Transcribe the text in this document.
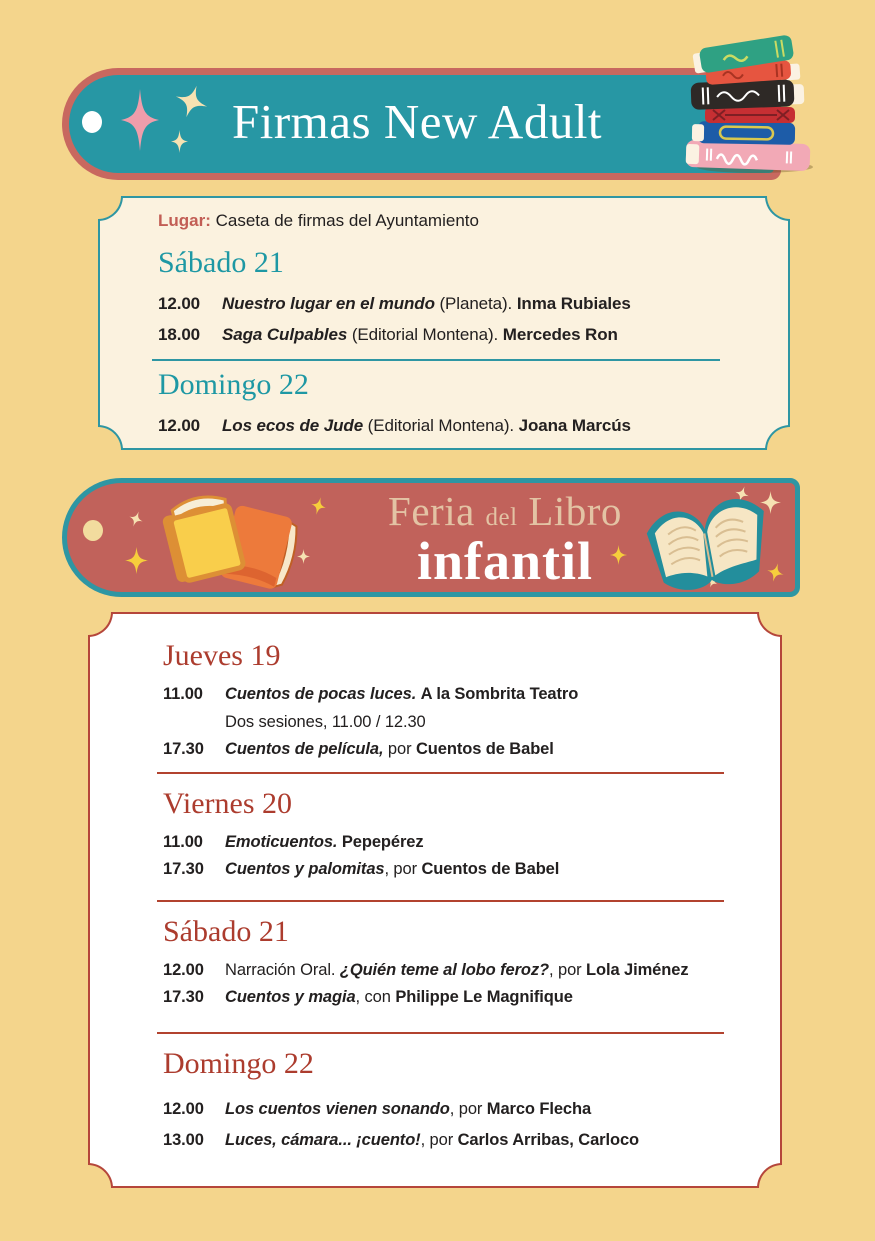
Firmas New Adult

Lugar: Caseta de firmas del Ayuntamiento

Sábado 21
12.00	Nuestro lugar en el mundo (Planeta). Inma Rubiales
18.00	Saga Culpables (Editorial Montena). Mercedes Ron
Domingo 22
12.00	Los ecos de Jude (Editorial Montena). Joana Marcús
Feria del Libro
infantil
Jueves 19
11.00	Cuentos de pocas luces. A la Sombrita Teatro
Dos sesiones, 11.00 / 12.30
17.30	Cuentos de película, por Cuentos de Babel
Viernes 20
11.00	Emoticuentos. Pepepérez
17.30	Cuentos y palomitas, por Cuentos de Babel
Sábado 21
12.00	Narración Oral. ¿Quién teme al lobo feroz?, por Lola Jiménez
17.30	Cuentos y magia, con Philippe Le Magnifique
Domingo 22
12.00	Los cuentos vienen sonando, por Marco Flecha
13.00	Luces, cámara... ¡cuento!, por Carlos Arribas, Carloco
